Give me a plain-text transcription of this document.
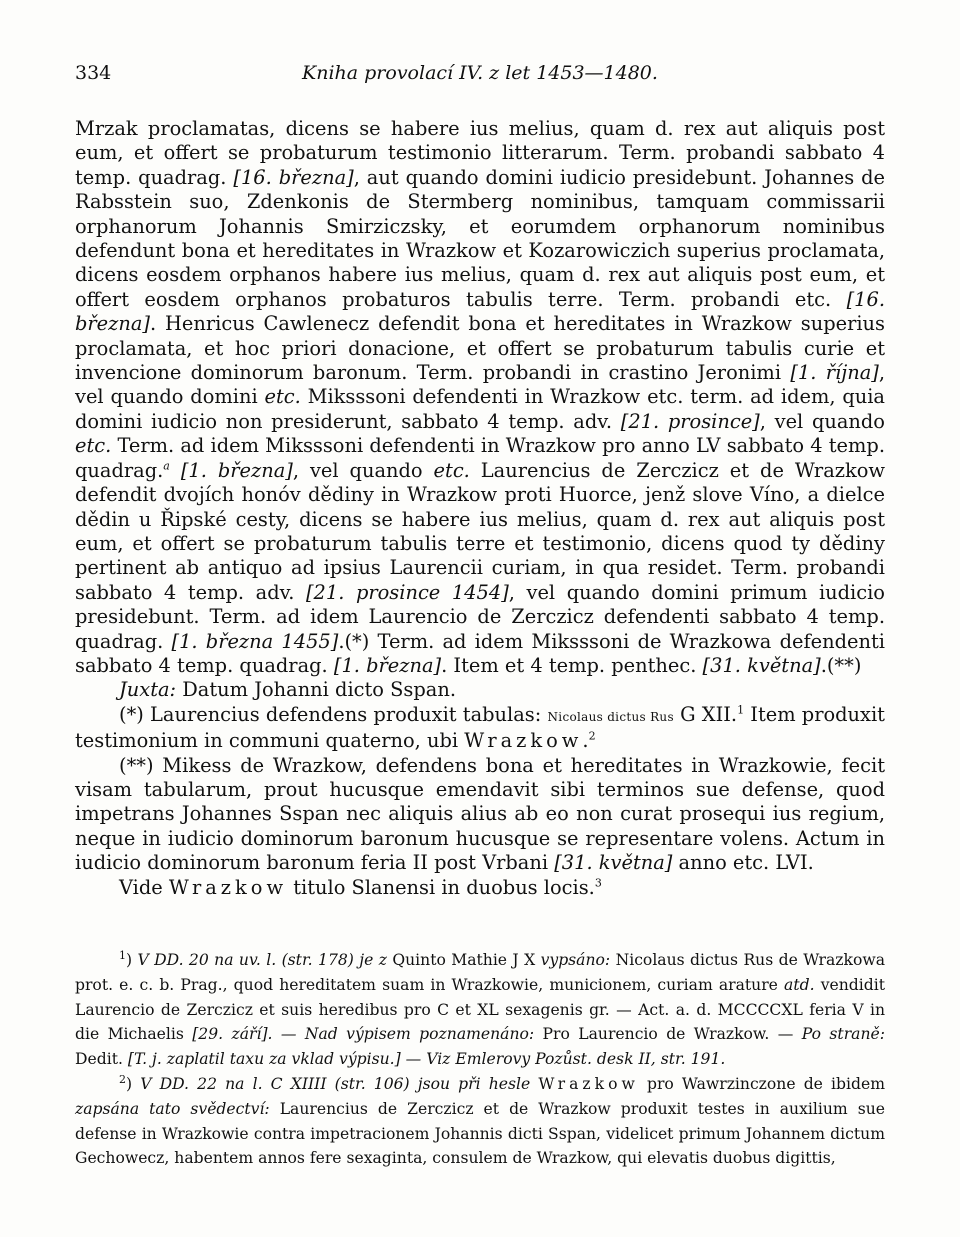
334	Kniha provolací IV. z let 1453—1480.

Mrzak proclamatas, dicens se habere ius melius, quam d. rex aut aliquis post eum, et offert se probaturum testimonio litterarum. Term. probandi sabbato 4 temp. quadrag. [16. března], aut quando domini iudicio presidebunt. Johannes de Rabsstein suo, Zdenkonis de Stermberg nominibus, tamquam commissarii orphanorum Johannis Smirziczsky, et eorumdem orphanorum nominibus defendunt bona et hereditates in Wrazkow et Kozarowiczich superius proclamata, dicens eosdem orphanos habere ius melius, quam d. rex aut aliquis post eum, et offert eosdem orphanos probaturos tabulis terre. Term. probandi etc. [16. března]. Henricus Cawlenecz defendit bona et hereditates in Wrazkow superius proclamata, et hoc priori donacione, et offert se probaturum tabulis curie et invencione dominorum baronum. Term. probandi in crastino Jeronimi [1. října], vel quando domini etc. Miksssoni defendenti in Wrazkow etc. term. ad idem, quia domini iudicio non presiderunt, sabbato 4 temp. adv. [21. prosince], vel quando etc. Term. ad idem Miksssoni defendenti in Wrazkow pro anno LV sabbato 4 temp. quadrag.$^a$ [1. března], vel quando etc. Laurencius de Zerczicz et de Wrazkow defendit dvojích honóv dědiny in Wrazkow proti Huorce, jenž slove Víno, a dielce dědin u Řipské cesty, dicens se habere ius melius, quam d. rex aut aliquis post eum, et offert se probaturum tabulis terre et testimonio, dicens quod ty dědiny pertinent ab antiquo ad ipsius Laurencii curiam, in qua residet. Term. probandi sabbato 4 temp. adv. [21. prosince 1454], vel quando domini primum iudicio presidebunt. Term. ad idem Laurencio de Zerczicz defendenti sabbato 4 temp. quadrag. [1. března 1455].(*) Term. ad idem Miksssoni de Wrazkowa defendenti sabbato 4 temp. quadrag. [1. března]. Item et 4 temp. penthec. [31. května].(**)

Juxta: Datum Johanni dicto Sspan.

(*) Laurencius defendens produxit tabulas: Nicolaus dictus Rus G XII.$^1$ Item produxit testimonium in communi quaterno, ubi Wrazkow.$^2$

(**) Mikess de Wrazkow, defendens bona et hereditates in Wrazkowie, fecit visam tabularum, prout hucusque emendavit sibi terminos sue defense, quod impetrans Johannes Sspan nec aliquis alius ab eo non curat prosequi ius regium, neque in iudicio dominorum baronum hucusque se representare volens. Actum in iudicio dominorum baronum feria II post Vrbani [31. května] anno etc. LVI.

Vide Wrazkow titulo Slanensi in duobus locis.$^3$

$^1$) V DD. 20 na uv. l. (str. 178) je z Quinto Mathie J X vypsáno: Nicolaus dictus Rus de Wrazkowa prot. e. c. b. Prag., quod hereditatem suam in Wrazkowie, municionem, curiam arature atd. vendidit Laurencio de Zerczicz et suis heredibus pro C et XL sexagenis gr. — Act. a. d. MCCCCXL feria V in die Michaelis [29. září]. — Nad výpisem poznamenáno: Pro Laurencio de Wrazkow. — Po straně: Dedit. [T. j. zaplatil taxu za vklad výpisu.] — Viz Emlerovy Pozůst. desk II, str. 191.

$^2$) V DD. 22 na l. C XIIII (str. 106) jsou při hesle Wrazkow pro Wawrzinczone de ibidem zapsána tato svědectví: Laurencius de Zerczicz et de Wrazkow produxit testes in auxilium sue defense in Wrazkowie contra impetracionem Johannis dicti Sspan, videlicet primum Johannem dictum Gechowecz, habentem annos fere sexaginta, consulem de Wrazkow, qui elevatis duobus digittis,
